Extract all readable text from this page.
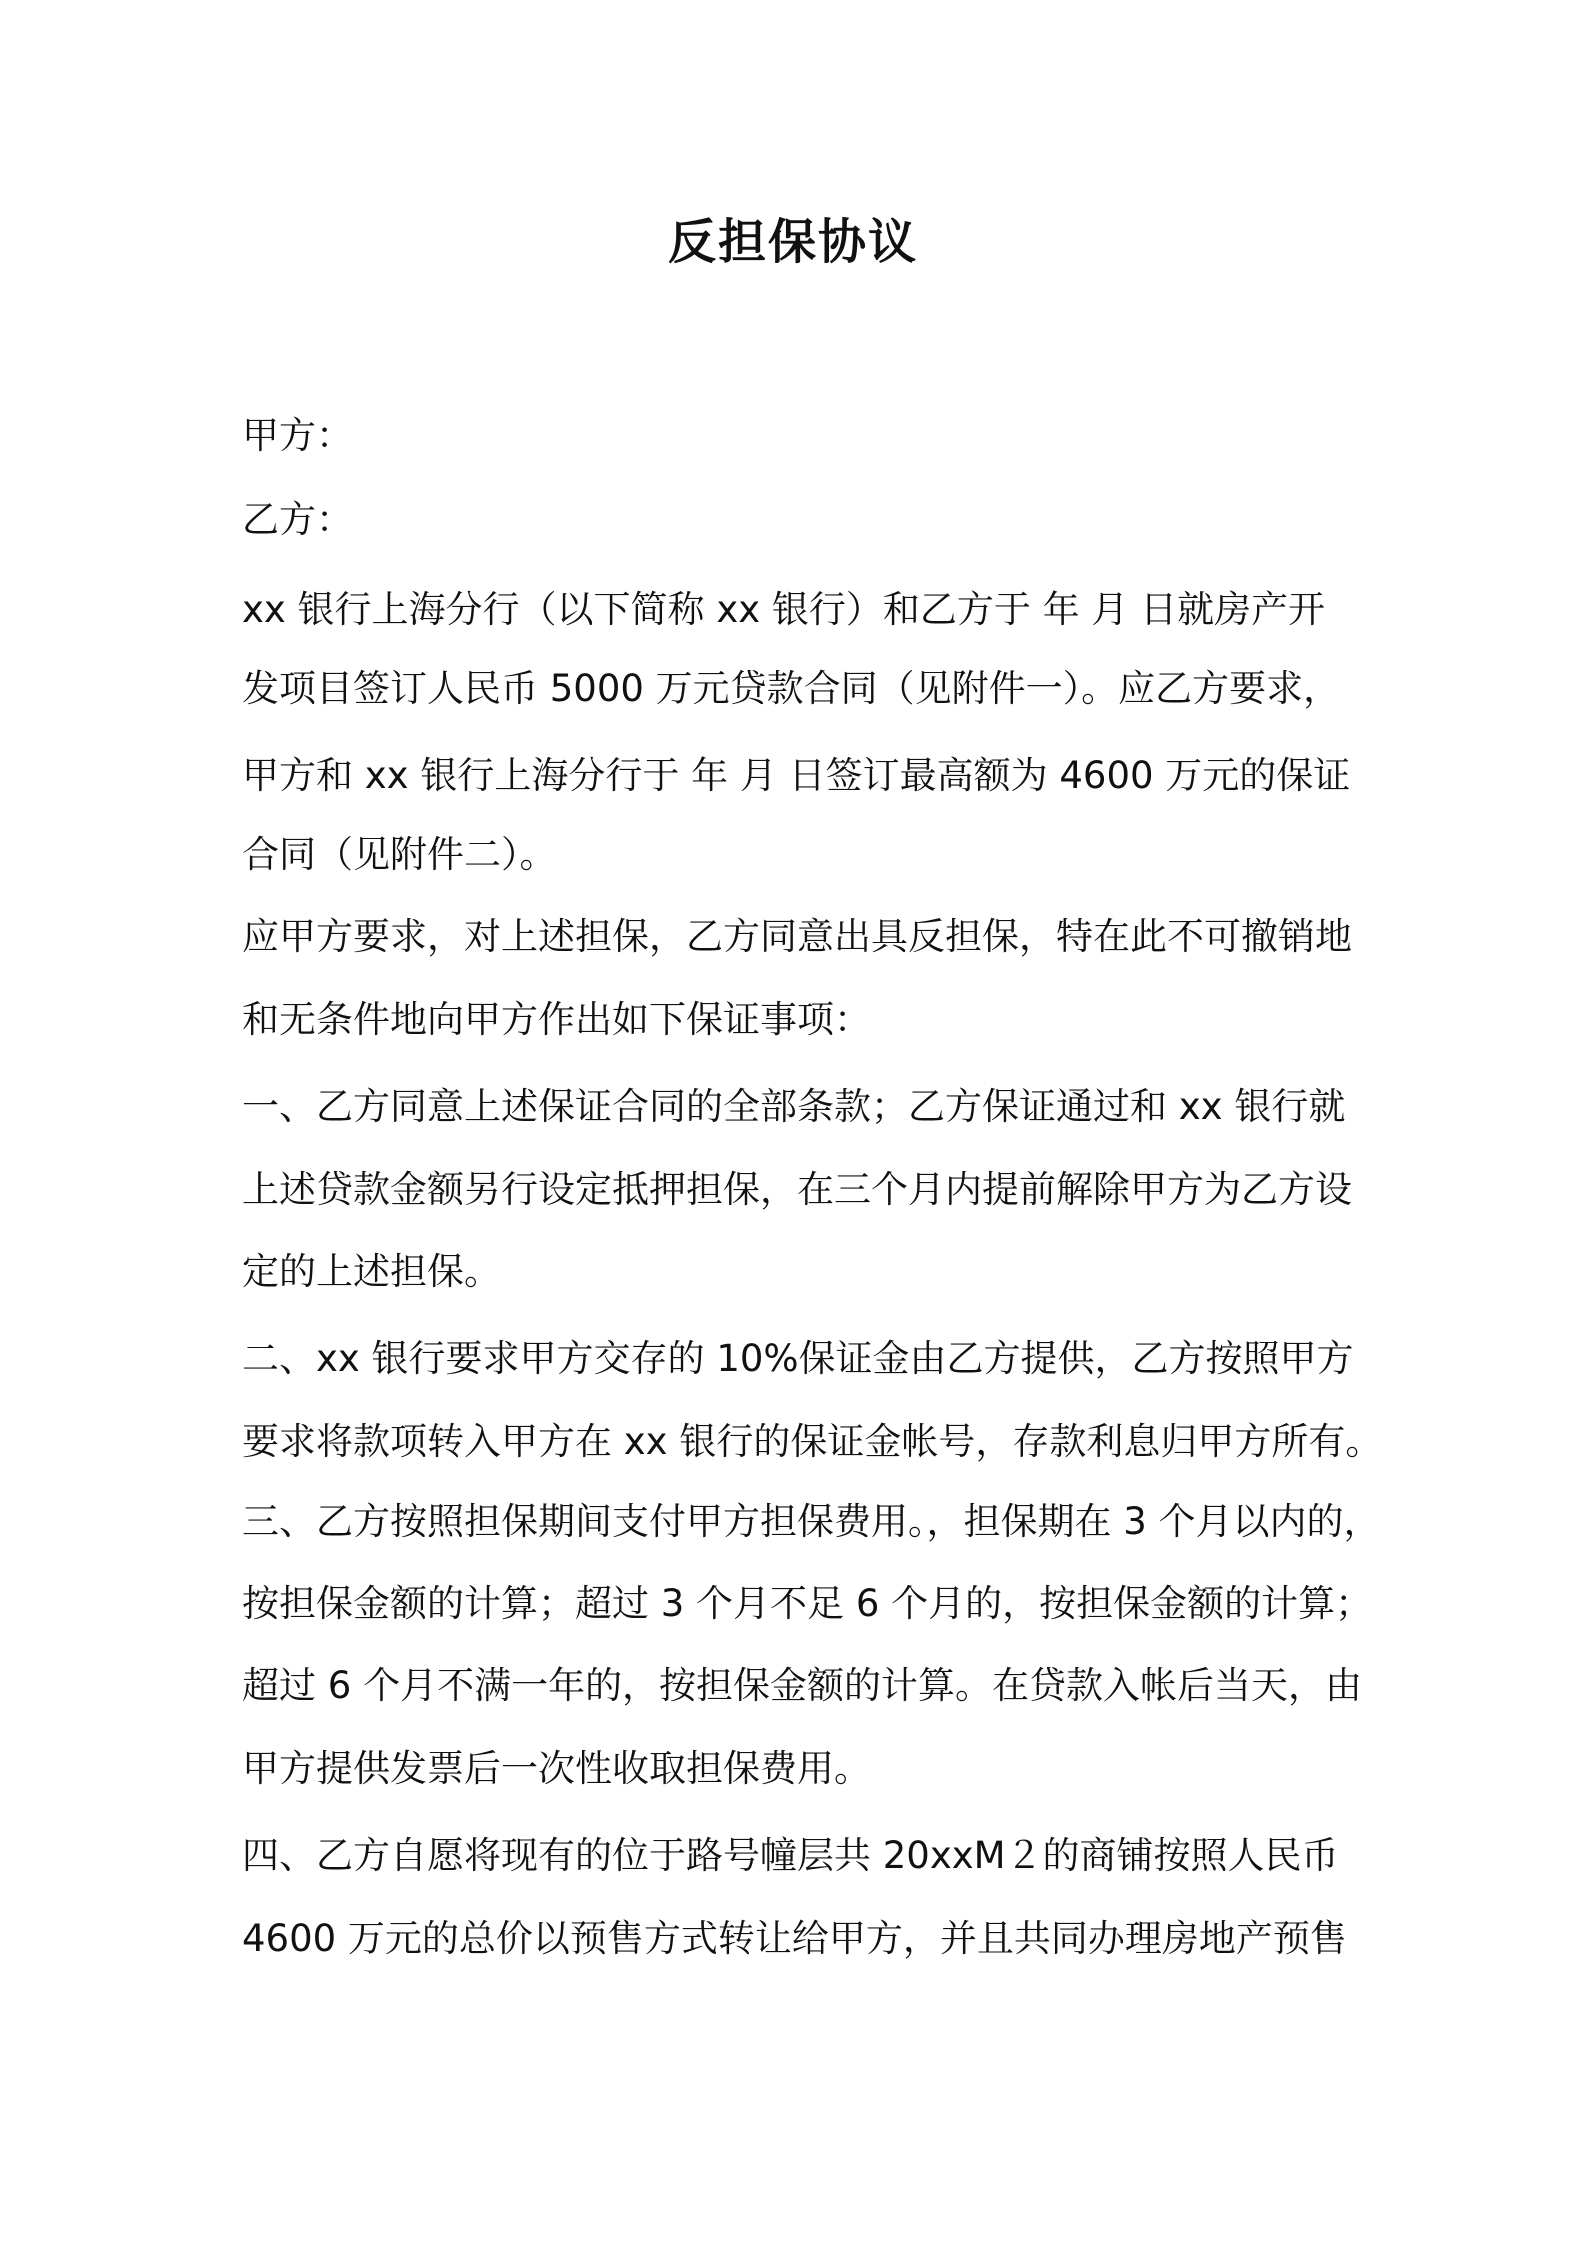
反担保协议
甲方：
乙方：
xx 银行上海分行（以下简称 xx 银行）和乙方于 年 月 日就房产开
发项目签订人民币 5000 万元贷款合同（见附件一）。应乙方要求，
甲方和 xx 银行上海分行于 年 月 日签订最高额为 4600 万元的保证
合同（见附件二）。
应甲方要求，对上述担保，乙方同意出具反担保，特在此不可撤销地
和无条件地向甲方作出如下保证事项：
一、乙方同意上述保证合同的全部条款；乙方保证通过和 xx 银行就
上述贷款金额另行设定抵押担保，在三个月内提前解除甲方为乙方设
定的上述担保。
二、xx 银行要求甲方交存的 10%保证金由乙方提供，乙方按照甲方
要求将款项转入甲方在 xx 银行的保证金帐号，存款利息归甲方所有。
三、乙方按照担保期间支付甲方担保费用。，担保期在 3 个月以内的，
按担保金额的计算；超过 3 个月不足 6 个月的，按担保金额的计算；
超过 6 个月不满一年的，按担保金额的计算。在贷款入帐后当天，由
甲方提供发票后一次性收取担保费用。
四、乙方自愿将现有的位于路号幢层共 20xxM２的商铺按照人民币
4600 万元的总价以预售方式转让给甲方，并且共同办理房地产预售
